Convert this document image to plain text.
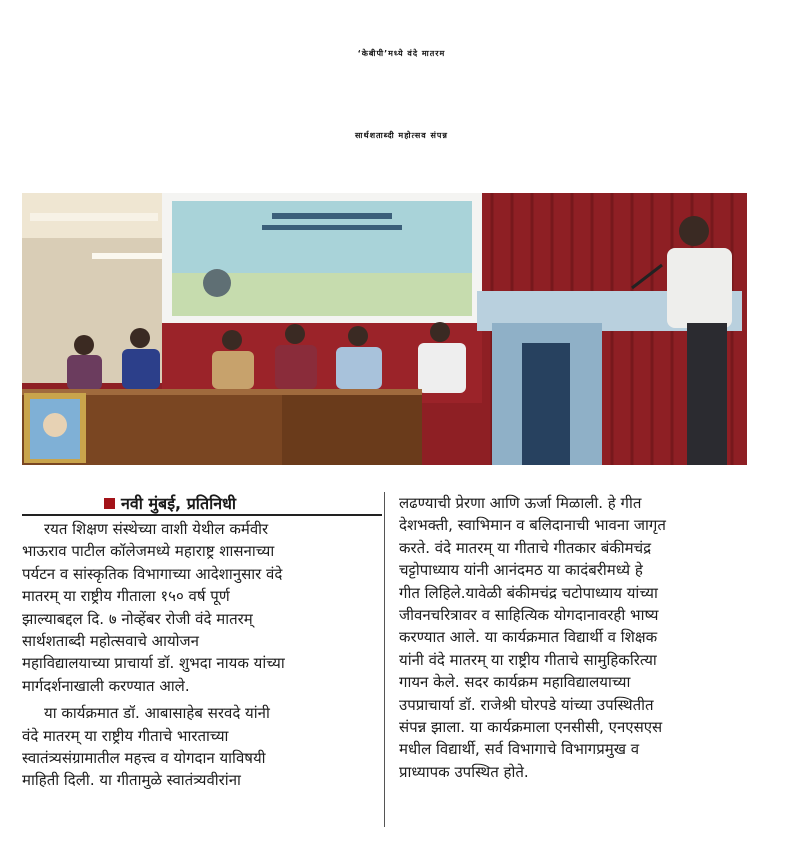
‘केबीपी’मध्ये वंदे मातरम
सार्थशताब्दी महोत्सव संपन्न
नवी मुंबई, प्रतिनिधी

रयत शिक्षण संस्थेच्या वाशी येथील कर्मवीर

भाऊराव पाटील कॉलेजमध्ये महाराष्ट्र शासनाच्या

पर्यटन व सांस्कृतिक विभागाच्या आदेशानुसार वंदे

मातरम्‌ या राष्ट्रीय गीताला १५० वर्ष पूर्ण

झाल्याबद्दल दि. ७ नोव्हेंबर रोजी वंदे मातरम्‌

सार्थशताब्दी महोत्सवाचे आयोजन

महाविद्यालयाच्या प्राचार्या डॉ. शुभदा नायक यांच्या

मार्गदर्शनाखाली करण्यात आले.

या कार्यक्रमात डॉ. आबासाहेब सरवदे यांनी

वंदे मातरम्‌ या राष्ट्रीय गीताचे भारताच्या

स्वातंत्र्यसंग्रामातील महत्त्व व योगदान याविषयी

माहिती दिली. या गीतामुळे स्वातंत्र्यवीरांना

लढण्याची प्रेरणा आणि ऊर्जा मिळाली. हे गीत

देशभक्ती, स्वाभिमान व बलिदानाची भावना जागृत

करते. वंदे मातरम्‌ या गीताचे गीतकार बंकीमचंद्र

चट्टोपाध्याय यांनी आनंदमठ या कादंबरीमध्ये हे

गीत लिहिले.यावेळी बंकीमचंद्र चटोपाध्याय यांच्या

जीवनचरित्रावर व साहित्यिक योगदानावरही भाष्य

करण्यात आले. या कार्यक्रमात विद्यार्थी व शिक्षक

यांनी वंदे मातरम्‌ या राष्ट्रीय गीताचे सामुहिकरित्या

गायन केले. सदर कार्यक्रम महाविद्यालयाच्या

उपप्राचार्या डॉ. राजेश्री घोरपडे यांच्या उपस्थितीत

संपन्न झाला. या कार्यक्रमाला एनसीसी, एनएसएस

मधील विद्यार्थी, सर्व विभागाचे विभागप्रमुख व

प्राध्यापक उपस्थित होते.
